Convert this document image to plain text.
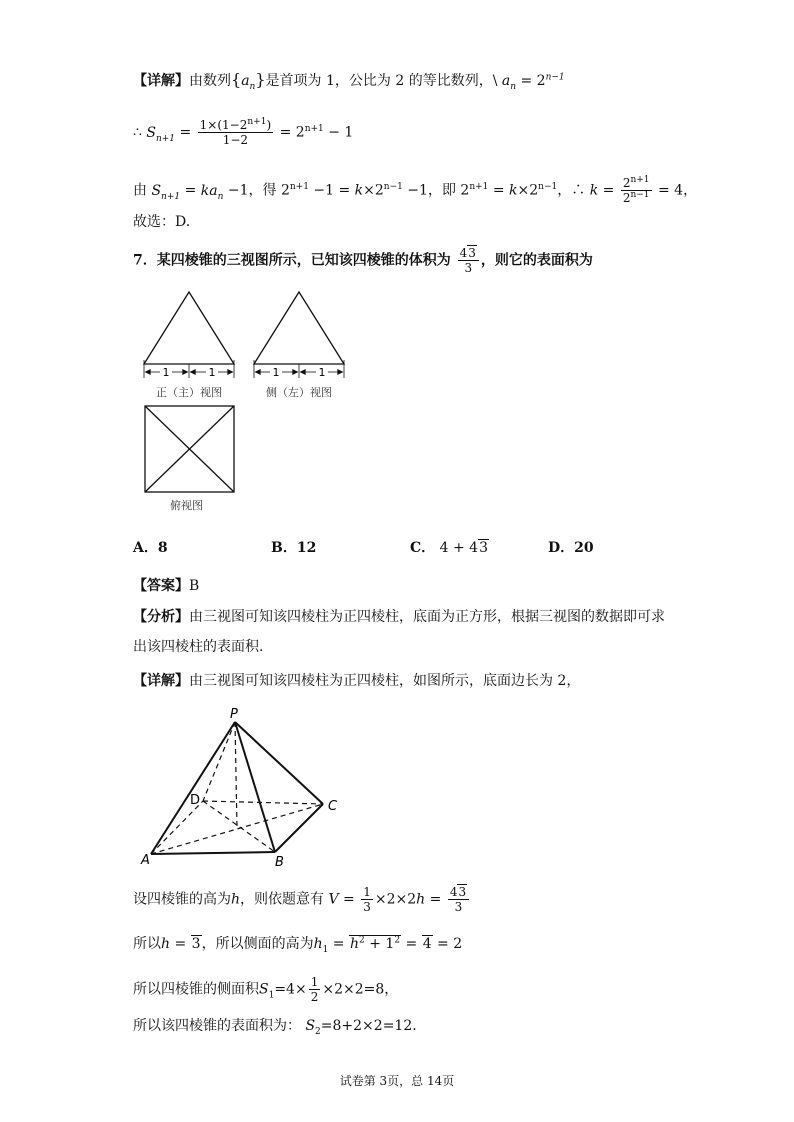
【详解】由数列$\{a_n\}$是首项为 1，公比为 2 的等比数列，\ $a_n = 2^{n-1}$
∴ $S_{n+1} = \frac{1\times(1-2^{n+1})}{1-2} = 2^{n+1} - 1$
由 $S_{n+1} = ka_n -1$，得 $2^{n+1} -1 = k\times 2^{n-1} -1$，即 $2^{n+1} = k\times 2^{n-1}$，∴ $k = \frac{2^{n+1}}{2^{n-1}} = 4$，
故选：D.
7．某四棱锥的三视图所示，已知该四棱锥的体积为 $\frac{43}{3}$ ，则它的表面积为
1	1
正（主）视图
1	1
侧（左）视图
俯视图
A．8	B．12	C． 4 + 43	D．20
【答案】B
【分析】由三视图可知该四棱柱为正四棱柱，底面为正方形，根据三视图的数据即可求
出该四棱柱的表面积.
【详解】由三视图可知该四棱柱为正四棱柱，如图所示，底面边长为 2，
P
D	C
A	B
设四棱锥的高为h，则依题意有 $V = \frac{1}{3} \times 2\times 2h = \frac{43}{3}$
所以h = 3，所以侧面的高为$h_1 = h^2 + 1^2 = 4 = 2$
所以四棱锥的侧面积$S_1=4\times \frac{1}{2} \times 2\times 2=8$，
所以该四棱锥的表面积为： $S_2=8+2\times 2=12$.
试卷第 3页，总 14页
